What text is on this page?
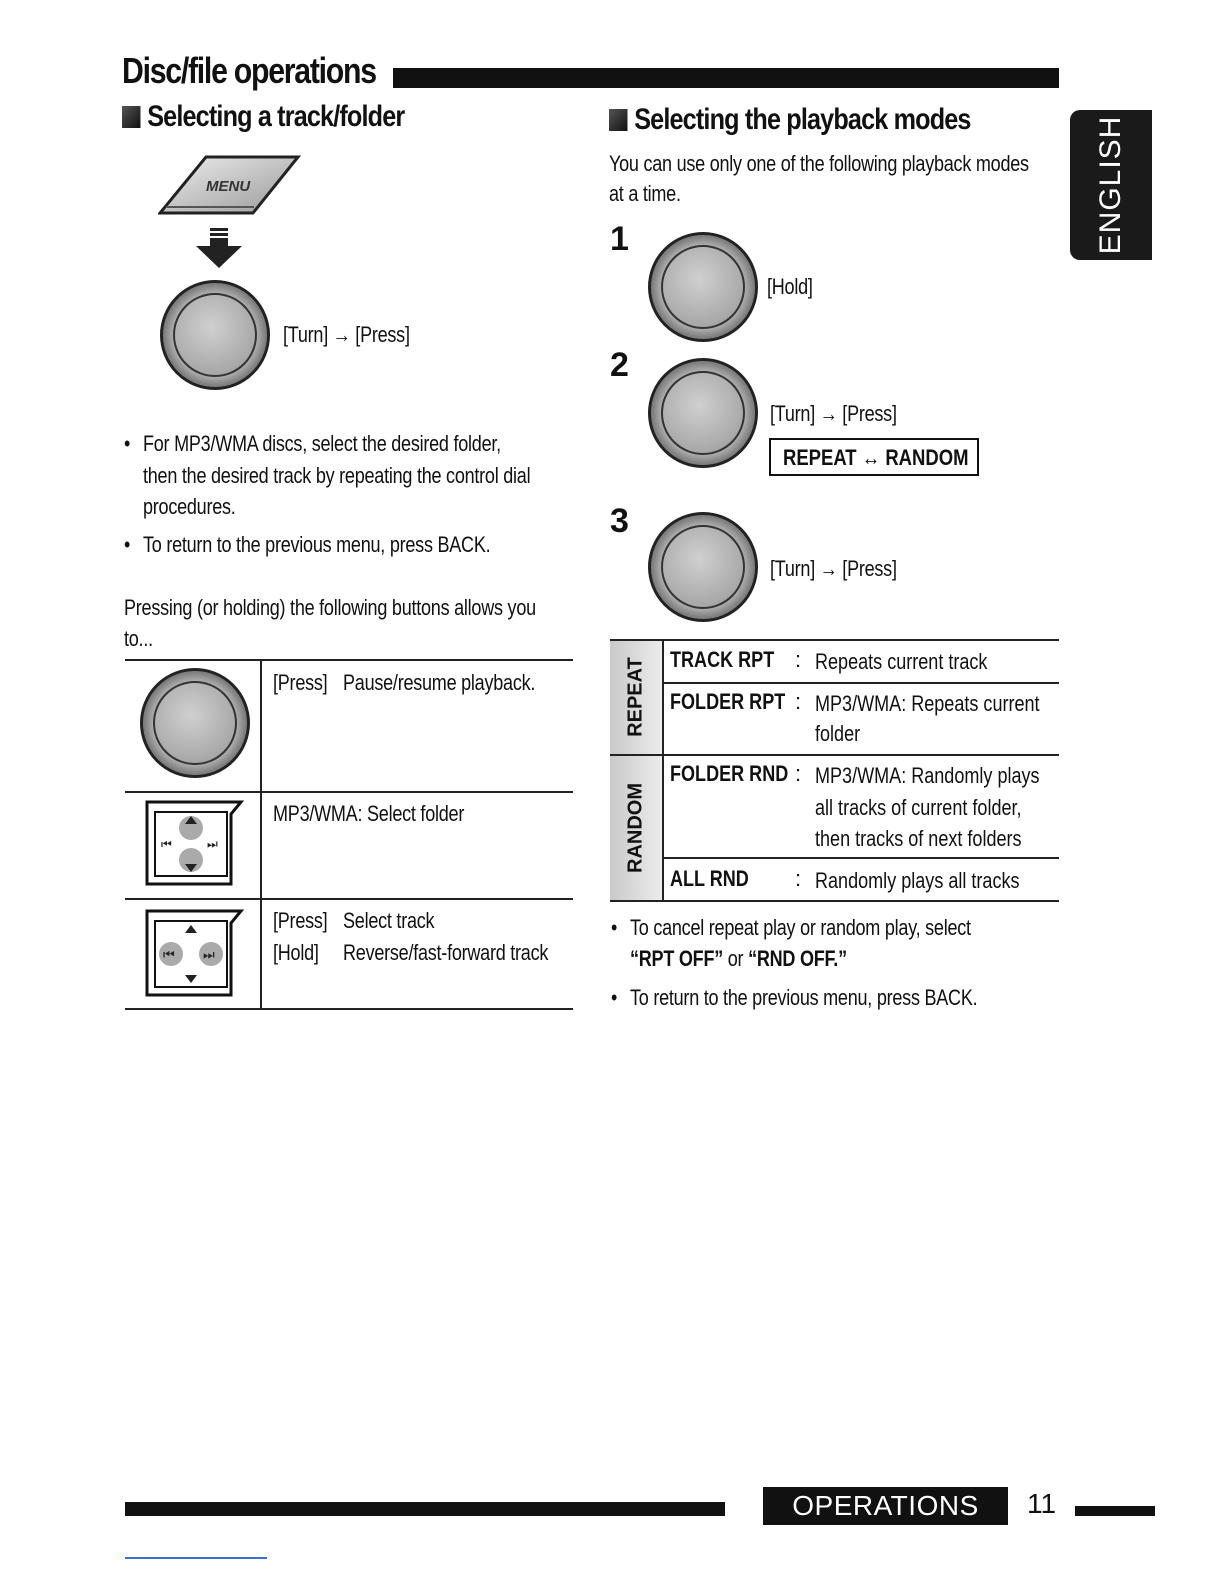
Disc/file operations
ENGLISH
Selecting a track/folder
MENU
[Turn] → [Press]
• For MP3/WMA discs, select the desired folder,
then the desired track by repeating the control dial
procedures.
• To return to the previous menu, press BACK.
Pressing (or holding) the following buttons allows you
to...
[Press] Pause/resume playback.
⏮	⏭
MP3/WMA: Select folder
⏮ ⏭
[Press] Select track
[Hold] Reverse/fast-forward track
Selecting the playback modes
You can use only one of the following playback modes
at a time.
1
[Hold]
2
[Turn] → [Press]
REPEAT ↔ RANDOM
3
[Turn] → [Press]
REPEAT
RANDOM
TRACK RPT : Repeats current track
FOLDER RPT : MP3/WMA: Repeats current
folder
FOLDER RND : MP3/WMA: Randomly plays
all tracks of current folder,
then tracks of next folders
ALL RND : Randomly plays all tracks
• To cancel repeat play or random play, select
“RPT OFF” or “RND OFF.”
• To return to the previous menu, press BACK.
OPERATIONS	11
